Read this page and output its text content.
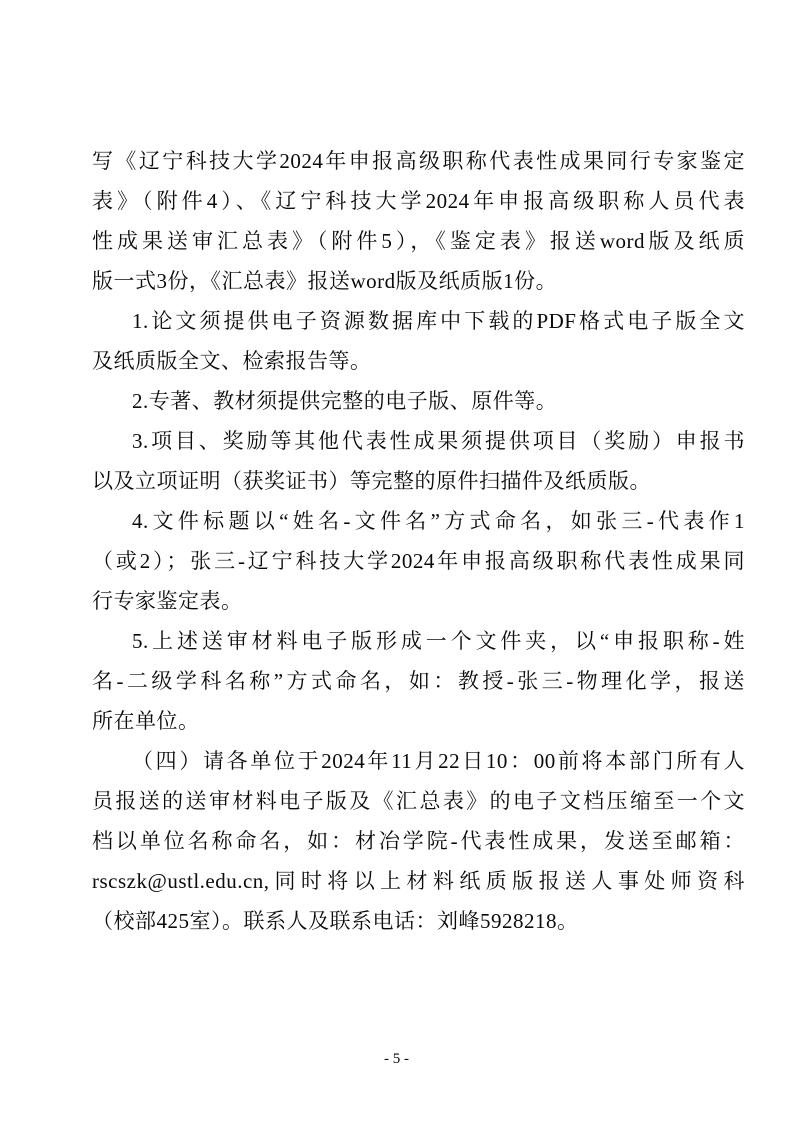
写《辽宁科技大学2024年申报高级职称代表性成果同行专家鉴定
表》（附件4）、《辽宁科技大学2024年申报高级职称人员代表
性成果送审汇总表》（附件5），《鉴定表》报送word版及纸质
版一式3份，《汇总表》报送word版及纸质版1份。
1.论文须提供电子资源数据库中下载的PDF格式电子版全文
及纸质版全文、检索报告等。
2.专著、教材须提供完整的电子版、原件等。
3.项目、奖励等其他代表性成果须提供项目（奖励）申报书
以及立项证明（获奖证书）等完整的原件扫描件及纸质版。
4.文件标题以“姓名-文件名”方式命名，如张三-代表作1
（或2）；张三-辽宁科技大学2024年申报高级职称代表性成果同
行专家鉴定表。
5.上述送审材料电子版形成一个文件夹，以“申报职称-姓
名-二级学科名称”方式命名，如：教授-张三-物理化学，报送
所在单位。
（四）请各单位于2024年11月22日10：00前将本部门所有人
员报送的送审材料电子版及《汇总表》的电子文档压缩至一个文
档以单位名称命名，如：材冶学院-代表性成果，发送至邮箱：
rscszk@ustl.edu.cn,同时将以上材料纸质版报送人事处师资科
（校部425室）。联系人及联系电话：刘峰5928218。
- 5 -
